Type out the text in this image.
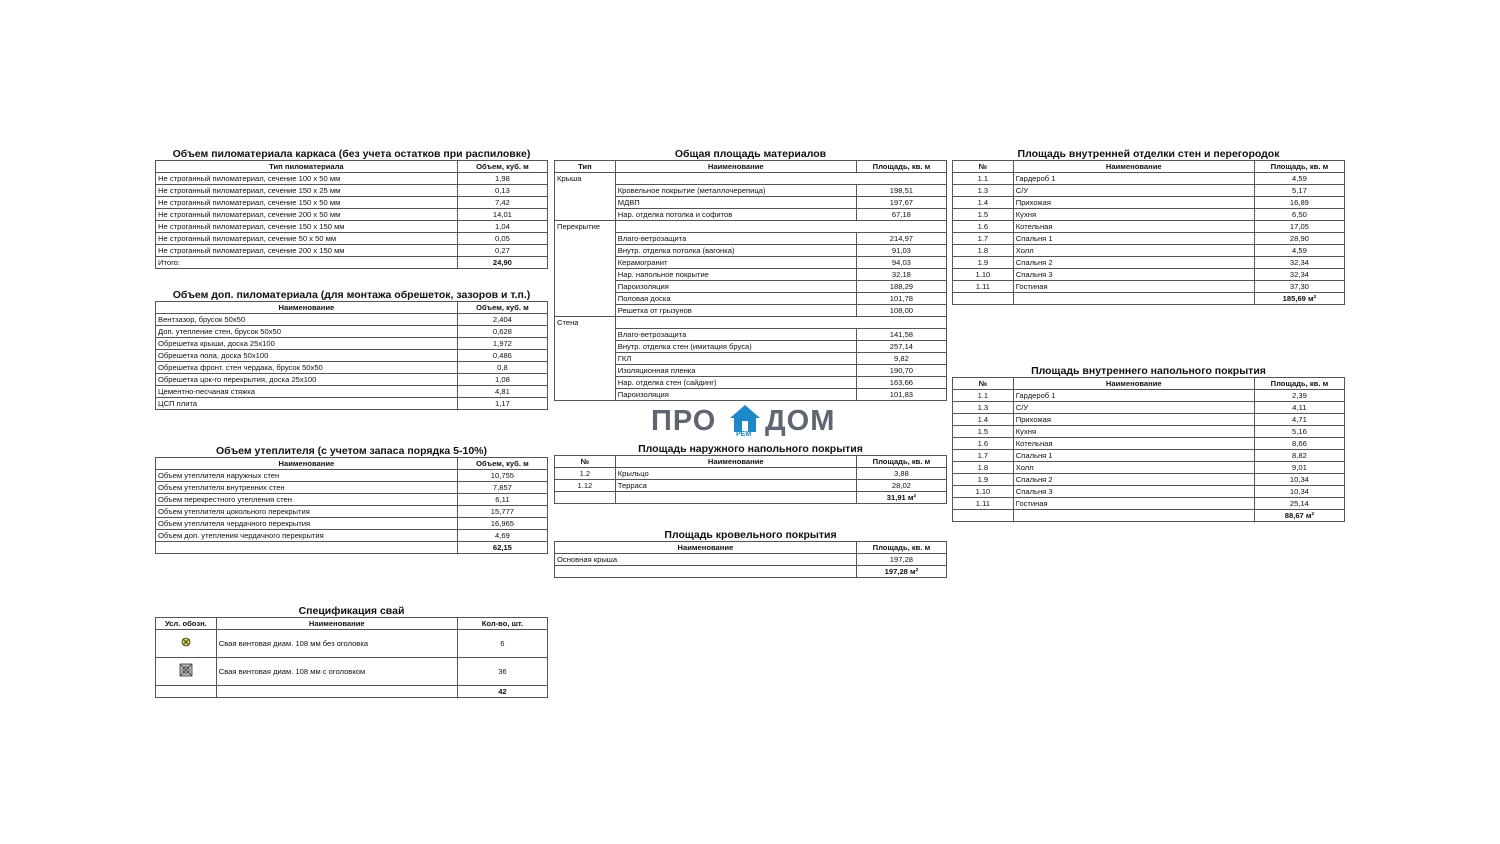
Объем пиломатериала каркаса (без учета остатков при распиловке)
Тип пиломатериала	Объем, куб. м
Не строганный пиломатериал, сечение 100 х 50 мм	1,98
Не строганный пиломатериал, сечение 150 х 25 мм	0,13
Не строганный пиломатериал, сечение 150 х 50 мм	7,42
Не строганный пиломатериал, сечение 200 х 50 мм	14,01
Не строганный пиломатериал, сечение 150 х 150 мм	1,04
Не строганный пиломатериал, сечение 50 х 50 мм	0,05
Не строганный пиломатериал, сечение 200 х 150 мм	0,27
Итого:	24,90
Объем доп. пиломатериала (для монтажа обрешеток, зазоров и т.п.)
Наименование	Объем, куб. м
Вентзазор, брусок 50х50	2,404
Доп. утепление стен, брусок 50х50	0,628
Обрешетка крыши, доска 25х100	1,972
Обрешетка пола, доска 50х100	0,486
Обрешетка фронт. стен чердака, брусок 50х50	0,8
Обрешетка цок-го перекрытия, доска 25х100	1,08
Цементно-песчаная стяжка	4,81
ЦСП плита	1,17
Объем утеплителя (с учетом запаса порядка 5-10%)
Наименование	Объем, куб. м
Объем утеплителя наружных стен	10,755
Объем утеплителя внутренних стен	7,857
Объем перекрестного утепления стен	6,11
Объем утеплителя цокольного перекрытия	15,777
Объем утеплителя чердачного перекрытия	16,965
Объем доп. утепления чердачного перекрытия	4,69
	62,15
Спецификация свай
Усл. обозн.	Наименование	Кол-во, шт.
	Свая винтовая диам. 108 мм без оголовка	6
	Свая винтовая диам. 108 мм с оголовком	36
		42
Общая площадь материалов
Тип	Наименование	Площадь, кв. м
Крыша		
	Кровельное покрытие (металлочерепица)	198,51
	МДВП	197,67
	Нар. отделка потолка и софитов	67,18
Перекрытие		
	Влаго-ветрозащита	214,97
	Внутр. отделка потолка (вагонка)	91,03
	Керамогранит	94,03
	Нар. напольное покрытие	32,18
	Пароизоляция	188,29
	Половая доска	101,78
	Решетка от грызунов	108,00
Стена		
	Влаго-ветрозащита	141,58
	Внутр. отделка стен (имитация бруса)	257,14
	ГКЛ	9,82
	Изоляционная пленка	190,70
	Нар. отделка стен (сайдинг)	163,66
	Пароизоляция	101,83
ПРО	РЕМ ДОМ
Площадь наружного напольного покрытия
№	Наименование	Площадь, кв. м
1.2	Крыльцо	3,88
1.12	Терраса	28,02
		31,91 м²
Площадь кровельного покрытия
Наименование	Площадь, кв. м
Основная крыша	197,28
	197,28 м²
Площадь внутренней отделки стен и перегородок
№	Наименование	Площадь, кв. м
1.1	Гардероб 1	4,59
1.3	С/У	5,17
1.4	Прихожая	16,89
1.5	Кухня	6,50
1.6	Котельная	17,05
1.7	Спальня 1	28,90
1.8	Холл	4,59
1.9	Спальня 2	32,34
1.10	Спальня 3	32,34
1.11	Гостиная	37,30
		185,69 м²
Площадь внутреннего напольного покрытия
№	Наименование	Площадь, кв. м
1.1	Гардероб 1	2,39
1.3	С/У	4,11
1.4	Прихожая	4,71
1.5	Кухня	5,16
1.6	Котельная	8,66
1.7	Спальня 1	8,82
1.8	Холл	9,01
1.9	Спальня 2	10,34
1.10	Спальня 3	10,34
1.11	Гостиная	25,14
		88,67 м²
